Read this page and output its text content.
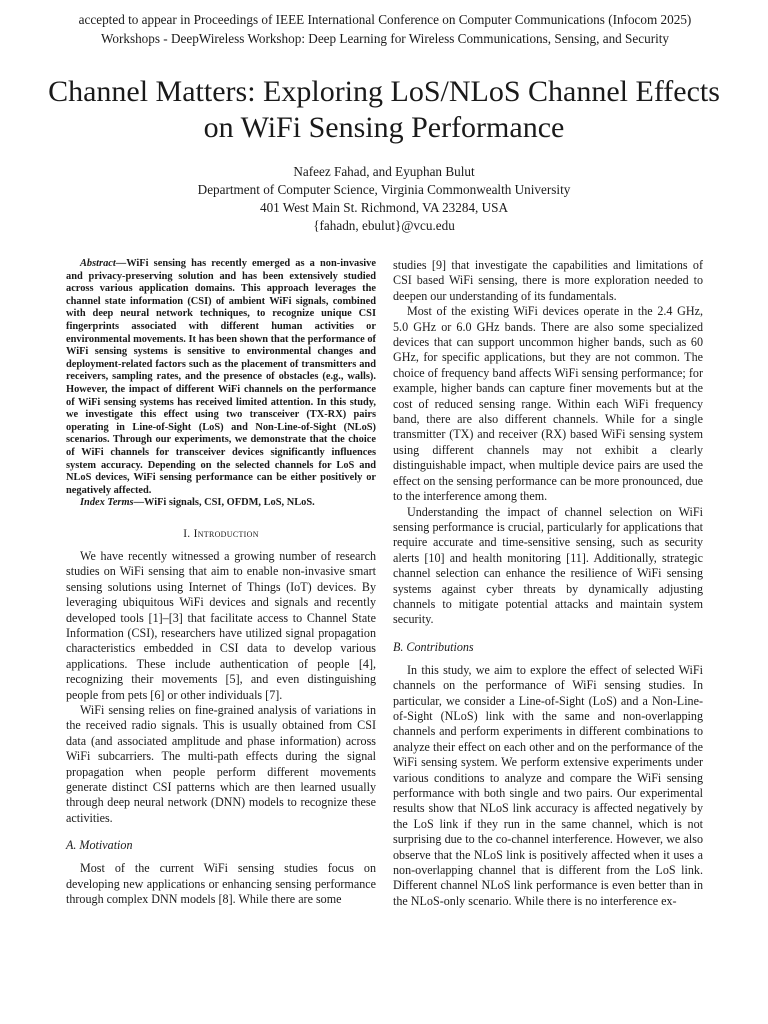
accepted to appear in Proceedings of IEEE International Conference on Computer Communications (Infocom 2025) Workshops - DeepWireless Workshop: Deep Learning for Wireless Communications, Sensing, and Security
Channel Matters: Exploring LoS/NLoS Channel Effects on WiFi Sensing Performance
Nafeez Fahad, and Eyuphan Bulut
Department of Computer Science, Virginia Commonwealth University
401 West Main St. Richmond, VA 23284, USA
{fahadn, ebulut}@vcu.edu

Abstract—WiFi sensing has recently emerged as a non-invasive and privacy-preserving solution and has been extensively studied across various application domains. This approach leverages the channel state information (CSI) of ambient WiFi signals, combined with deep neural network techniques, to recognize unique CSI fingerprints associated with different human activities or environmental movements. It has been shown that the performance of WiFi sensing systems is sensitive to environmental changes and deployment-related factors such as the placement of transmitters and receivers, sampling rates, and the presence of obstacles (e.g., walls). However, the impact of different WiFi channels on the performance of WiFi sensing systems has received limited attention. In this study, we investigate this effect using two transceiver (TX-RX) pairs operating in Line-of-Sight (LoS) and Non-Line-of-Sight (NLoS) scenarios. Through our experiments, we demonstrate that the choice of WiFi channels for transceiver devices significantly influences system accuracy. Depending on the selected channels for LoS and NLoS devices, WiFi sensing performance can be either positively or negatively affected.

Index Terms—WiFi signals, CSI, OFDM, LoS, NLoS.

I. Introduction

We have recently witnessed a growing number of research studies on WiFi sensing that aim to enable non-invasive smart sensing solutions using Internet of Things (IoT) devices. By leveraging ubiquitous WiFi devices and signals and recently developed tools [1]–[3] that facilitate access to Channel State Information (CSI), researchers have utilized signal propagation characteristics embedded in CSI data to develop various applications. These include authentication of people [4], recognizing their movements [5], and even distinguishing people from pets [6] or other individuals [7].

WiFi sensing relies on fine-grained analysis of variations in the received radio signals. This is usually obtained from CSI data (and associated amplitude and phase information) across WiFi subcarriers. The multi-path effects during the signal propagation when people perform different movements generate distinct CSI patterns which are then learned usually through deep neural network (DNN) models to recognize these activities.

A. Motivation

Most of the current WiFi sensing studies focus on developing new applications or enhancing sensing performance through complex DNN models [8]. While there are some

studies [9] that investigate the capabilities and limitations of CSI based WiFi sensing, there is more exploration needed to deepen our understanding of its fundamentals.

Most of the existing WiFi devices operate in the 2.4 GHz, 5.0 GHz or 6.0 GHz bands. There are also some specialized devices that can support uncommon higher bands, such as 60 GHz, for specific applications, but they are not common. The choice of frequency band affects WiFi sensing performance; for example, higher bands can capture finer movements but at the cost of reduced sensing range. Within each WiFi frequency band, there are also different channels. While for a single transmitter (TX) and receiver (RX) based WiFi sensing system using different channels may not exhibit a clearly distinguishable impact, when multiple device pairs are used the effect on the sensing performance can be more pronounced, due to the interference among them.

Understanding the impact of channel selection on WiFi sensing performance is crucial, particularly for applications that require accurate and time-sensitive sensing, such as security alerts [10] and health monitoring [11]. Additionally, strategic channel selection can enhance the resilience of WiFi sensing systems against cyber threats by dynamically adjusting channels to mitigate potential attacks and maintain system security.

B. Contributions

In this study, we aim to explore the effect of selected WiFi channels on the performance of WiFi sensing studies. In particular, we consider a Line-of-Sight (LoS) and a Non-Line-of-Sight (NLoS) link with the same and non-overlapping channels and perform experiments in different combinations to analyze their effect on each other and on the performance of the WiFi sensing system. We perform extensive experiments under various conditions to analyze and compare the WiFi sensing performance with both single and two pairs. Our experimental results show that NLoS link accuracy is affected negatively by the LoS link if they run in the same channel, which is not surprising due to the co-channel interference. However, we also observe that the NLoS link is positively affected when it uses a non-overlapping channel that is different from the LoS link. Different channel NLoS link performance is even better than in the NLoS-only scenario. While there is no interference ex-
